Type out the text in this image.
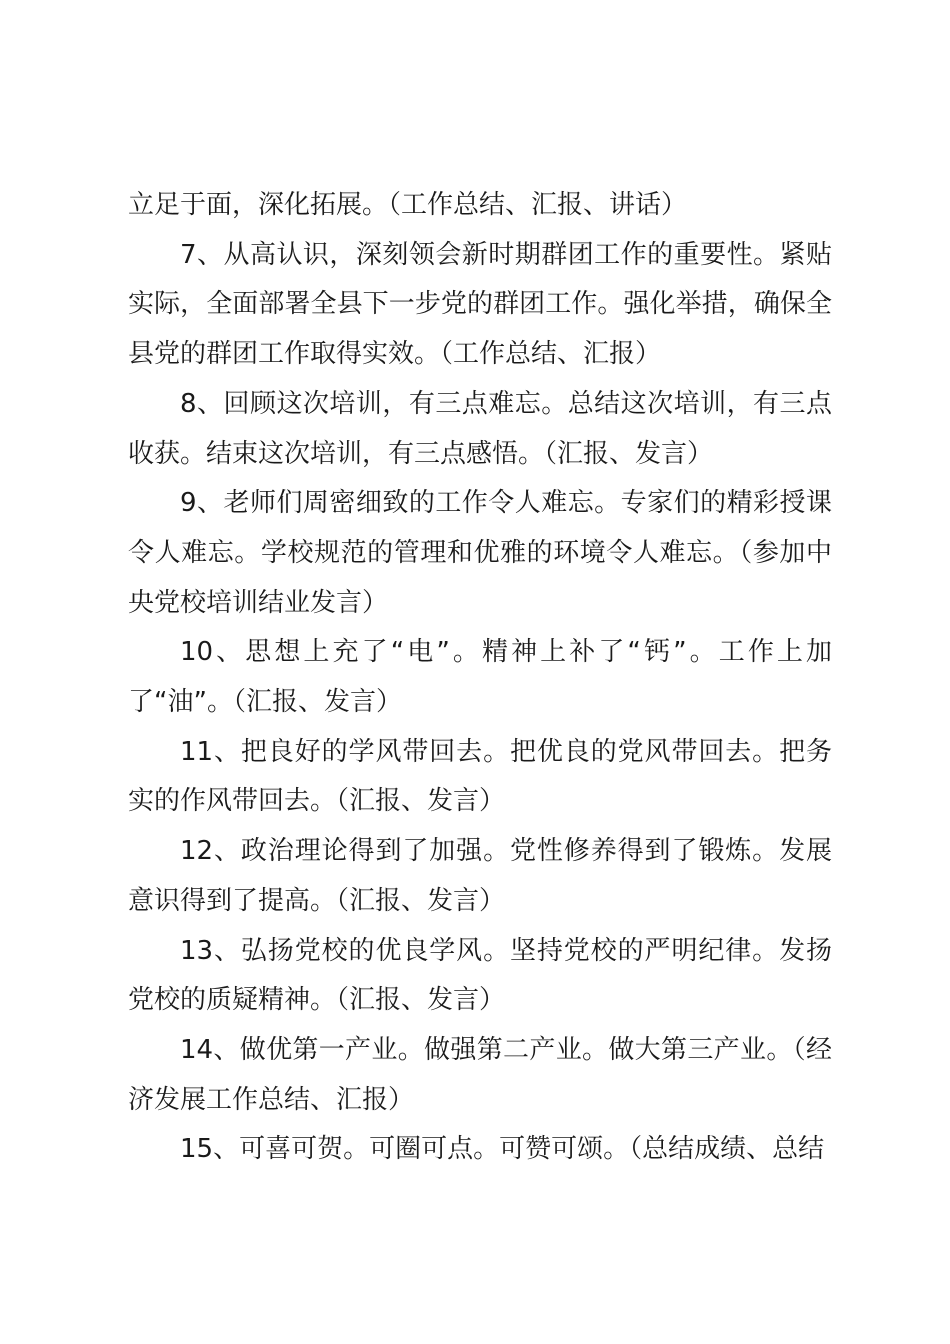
立足于面，深化拓展。（工作总结、汇报、讲话）

7、从高认识，深刻领会新时期群团工作的重要性。紧贴实际，全面部署全县下一步党的群团工作。强化举措，确保全县党的群团工作取得实效。（工作总结、汇报）

8、回顾这次培训，有三点难忘。总结这次培训，有三点收获。结束这次培训，有三点感悟。（汇报、发言）

9、老师们周密细致的工作令人难忘。专家们的精彩授课令人难忘。学校规范的管理和优雅的环境令人难忘。（参加中央党校培训结业发言）

10、思想上充了“电”。精神上补了“钙”。工作上加了“油”。（汇报、发言）

11、把良好的学风带回去。把优良的党风带回去。把务实的作风带回去。（汇报、发言）

12、政治理论得到了加强。党性修养得到了锻炼。发展意识得到了提高。（汇报、发言）

13、弘扬党校的优良学风。坚持党校的严明纪律。发扬党校的质疑精神。（汇报、发言）

14、做优第一产业。做强第二产业。做大第三产业。（经济发展工作总结、汇报）

15、可喜可贺。可圈可点。可赞可颂。（总结成绩、总结
